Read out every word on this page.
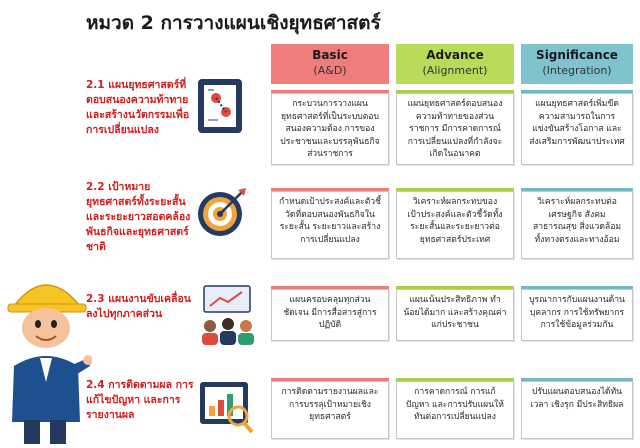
หมวด 2 การวางแผนเชิงยุทธศาสตร์
Basic
(A&D)
Advance
(Alignment)
Significance
(Integration)
2.1 แผนยุทธศาสตร์ที่ตอบสนองความท้าทายและสร้างนวัตกรรมเพื่อการเปลี่ยนแปลง
กระบวนการวางแผนยุทธศาสตร์ที่เป็นระบบตอบสนองความต้อง การของประชาชนและบรรลุพันธกิจส่วนราชการ
แผนยุทธศาสตร์ตอบสนองความท้าทายของส่วนราชการ มีการคาดการณ์การเปลี่ยนแปลงที่กำลังจะเกิดในอนาคต
แผนยุทธศาสตร์เพิ่มขีดความสามารถในการแข่งขันสร้างโอกาส และส่งเสริมการพัฒนาประเทศ
2.2 เป้าหมายยุทธศาสตร์ทั้งระยะสั้นและระยะยาวสอดคล้องพันธกิจและยุทธศาสตร์ชาติ
กำหนดเป้าประสงค์และตัวชี้วัดที่ตอบสนองพันธกิจในระยะสั้น ระยะยาวและสร้างการเปลี่ยนแปลง
วิเคราะห์ผลกระทบของเป้าประสงค์และตัวชี้วัดทั้งระยะสั้นและระยะยาวต่อยุทธศาสตร์ประเทศ
วิเคราะห์ผลกระทบต่อเศรษฐกิจ สังคม สาธารณสุข สิ่งแวดล้อม ทั้งทางตรงและทางอ้อม
2.3 แผนงานขับเคลื่อนลงไปทุกภาคส่วน
แผนครอบคลุมทุกส่วน ชัดเจน มีการสื่อสารสู่การปฏิบัติ
แผนเน้นประสิทธิภาพ ทำน้อยได้มาก และสร้างคุณค่าแก่ประชาชน
บูรณาการกับแผนงานด้านบุคลากร การใช้ทรัพยากร การใช้ข้อมูลร่วมกัน
2.4 การติดตามผล การแก้ไขปัญหา และการรายงานผล
การติดตามรายงานผลและการบรรลุเป้าหมายเชิงยุทธศาสตร์
การคาดการณ์ การแก้ปัญหา และการปรับแผนให้ทันต่อการเปลี่ยนแปลง
ปรับแผนตอบสนองได้ทันเวลา เชิงรุก มีประสิทธิผล
